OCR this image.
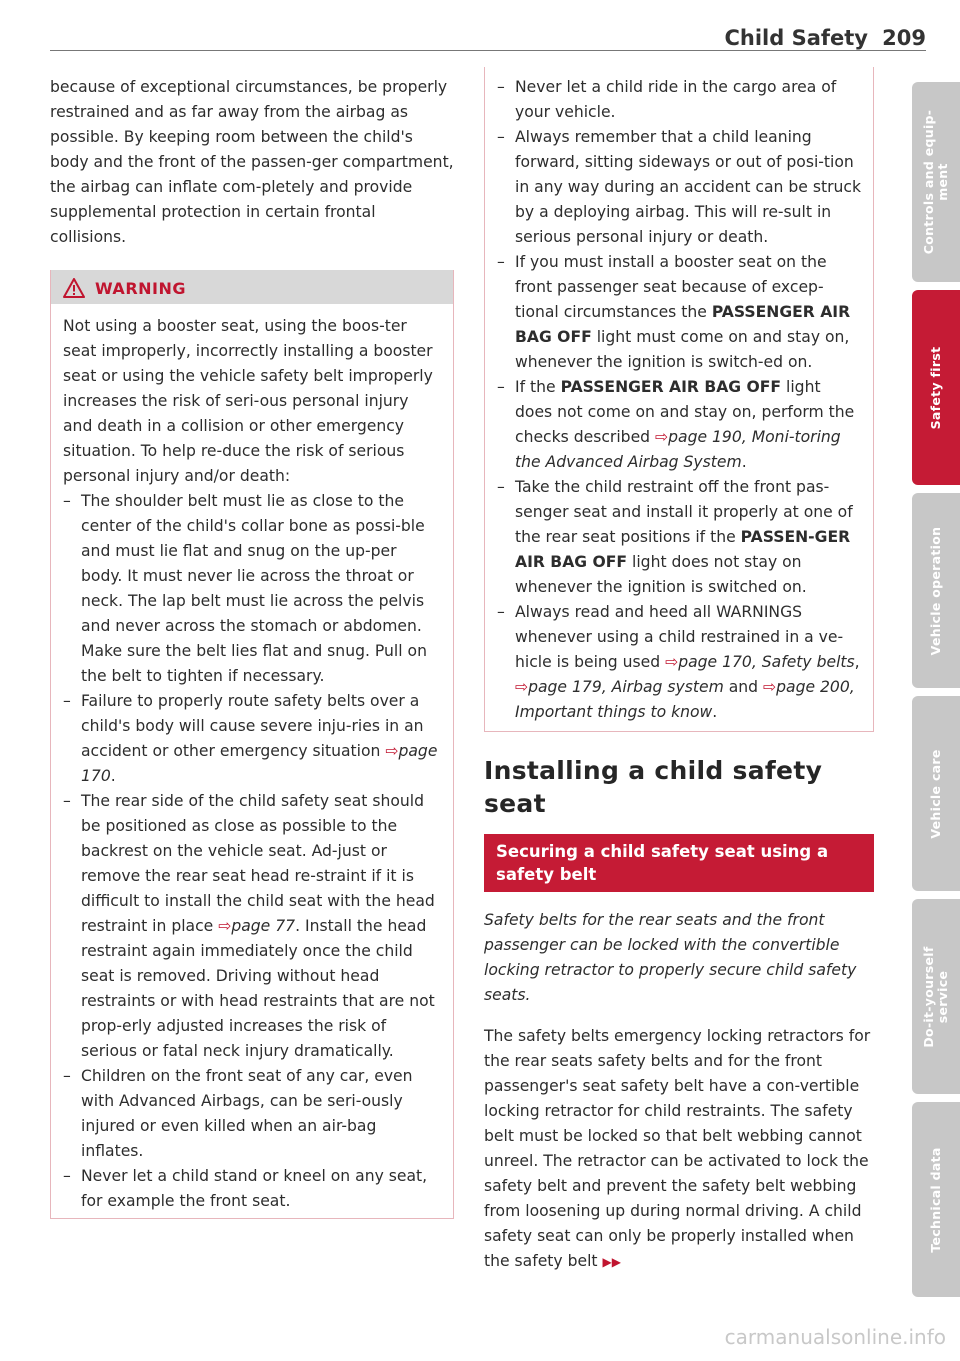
Child Safety 209

because of exceptional circumstances, be properly restrained and as far away from the airbag as possible. By keeping room between the child's body and the front of the passen-ger compartment, the airbag can inflate com-pletely and provide supplemental protection in certain frontal collisions.

WARNING

Not using a booster seat, using the boos-ter seat improperly, incorrectly installing a booster seat or using the vehicle safety belt improperly increases the risk of seri-ous personal injury and death in a collision or other emergency situation. To help re-duce the risk of serious personal injury and/or death:

– The shoulder belt must lie as close to the center of the child's collar bone as possi-ble and must lie flat and snug on the up-per body. It must never lie across the throat or neck. The lap belt must lie across the pelvis and never across the stomach or abdomen. Make sure the belt lies flat and snug. Pull on the belt to tighten if necessary.
– Failure to properly route safety belts over a child's body will cause severe inju-ries in an accident or other emergency situation ⇨page 170.
– The rear side of the child safety seat should be positioned as close as possible to the backrest on the vehicle seat. Ad-just or remove the rear seat head re-straint if it is difficult to install the child seat with the head restraint in place ⇨page 77. Install the head restraint again immediately once the child seat is removed. Driving without head restraints or with head restraints that are not prop-erly adjusted increases the risk of serious or fatal neck injury dramatically.
– Children on the front seat of any car, even with Advanced Airbags, can be seri-ously injured or even killed when an air-bag inflates.
– Never let a child stand or kneel on any seat, for example the front seat.
– Never let a child ride in the cargo area of your vehicle.
– Always remember that a child leaning forward, sitting sideways or out of posi-tion in any way during an accident can be struck by a deploying airbag. This will re-sult in serious personal injury or death.
– If you must install a booster seat on the front passenger seat because of excep-tional circumstances the PASSENGER AIR BAG OFF light must come on and stay on, whenever the ignition is switch-ed on.
– If the PASSENGER AIR BAG OFF light does not come on and stay on, perform the checks described ⇨page 190, Moni-toring the Advanced Airbag System.
– Take the child restraint off the front pas-senger seat and install it properly at one of the rear seat positions if the PASSEN-GER AIR BAG OFF light does not stay on whenever the ignition is switched on.
– Always read and heed all WARNINGS whenever using a child restrained in a ve-hicle is being used ⇨page 170, Safety belts, ⇨page 179, Airbag system and ⇨page 200, Important things to know.
Installing a child safety seat
Securing a child safety seat using a safety belt

Safety belts for the rear seats and the front passenger can be locked with the convertible locking retractor to properly secure child safety seats.

The safety belts emergency locking retractors for the rear seats safety belts and for the front passenger's seat safety belt have a con-vertible locking retractor for child restraints. The safety belt must be locked so that belt webbing cannot unreel. The retractor can be activated to lock the safety belt and prevent the safety belt webbing from loosening up during normal driving. A child safety seat can only be properly installed when the safety belt ▶▶

Controls and equip-ment
Safety first
Vehicle operation
Vehicle care
Do-it-yourself service
Technical data
carmanualsonline.info
